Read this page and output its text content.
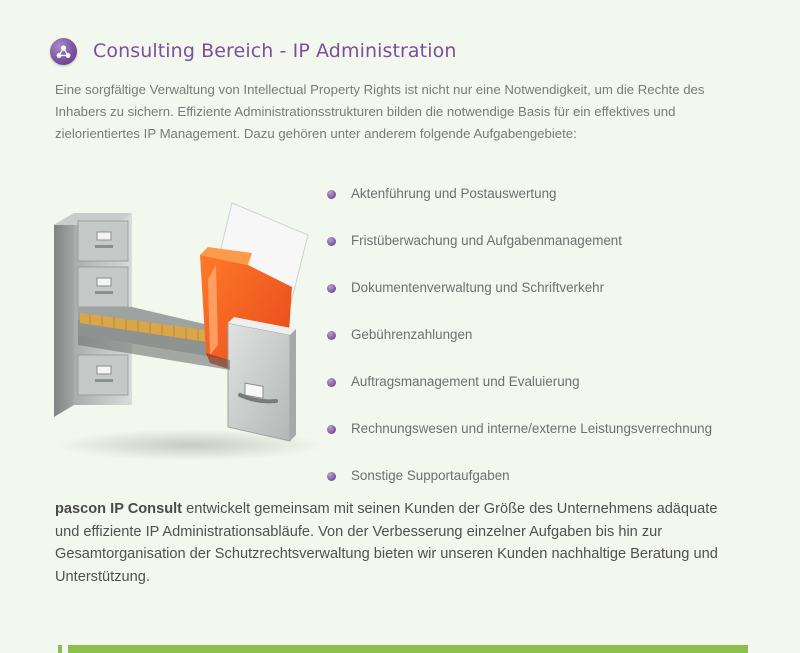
Consulting Bereich - IP Administration

Eine sorgfältige Verwaltung von Intellectual Property Rights ist nicht nur eine Notwendigkeit, um die Rechte des Inhabers zu sichern. Effiziente Administrationsstrukturen bilden die notwendige Basis für ein effektives und zielorientiertes IP Management. Dazu gehören unter anderem folgende Aufgabengebiete:

Aktenführung und Postauswertung
Fristüberwachung und Aufgabenmanagement
Dokumentenverwaltung und Schriftverkehr
Gebührenzahlungen
Auftragsmanagement und Evaluierung
Rechnungswesen und interne/externe Leistungsverrechnung
Sonstige Supportaufgaben

pascon IP Consult entwickelt gemeinsam mit seinen Kunden der Größe des Unternehmens adäquate und effiziente IP Administrationsabläufe. Von der Verbesserung einzelner Aufgaben bis hin zur Gesamtorganisation der Schutzrechtsverwaltung bieten wir unseren Kunden nachhaltige Beratung und Unterstützung.
